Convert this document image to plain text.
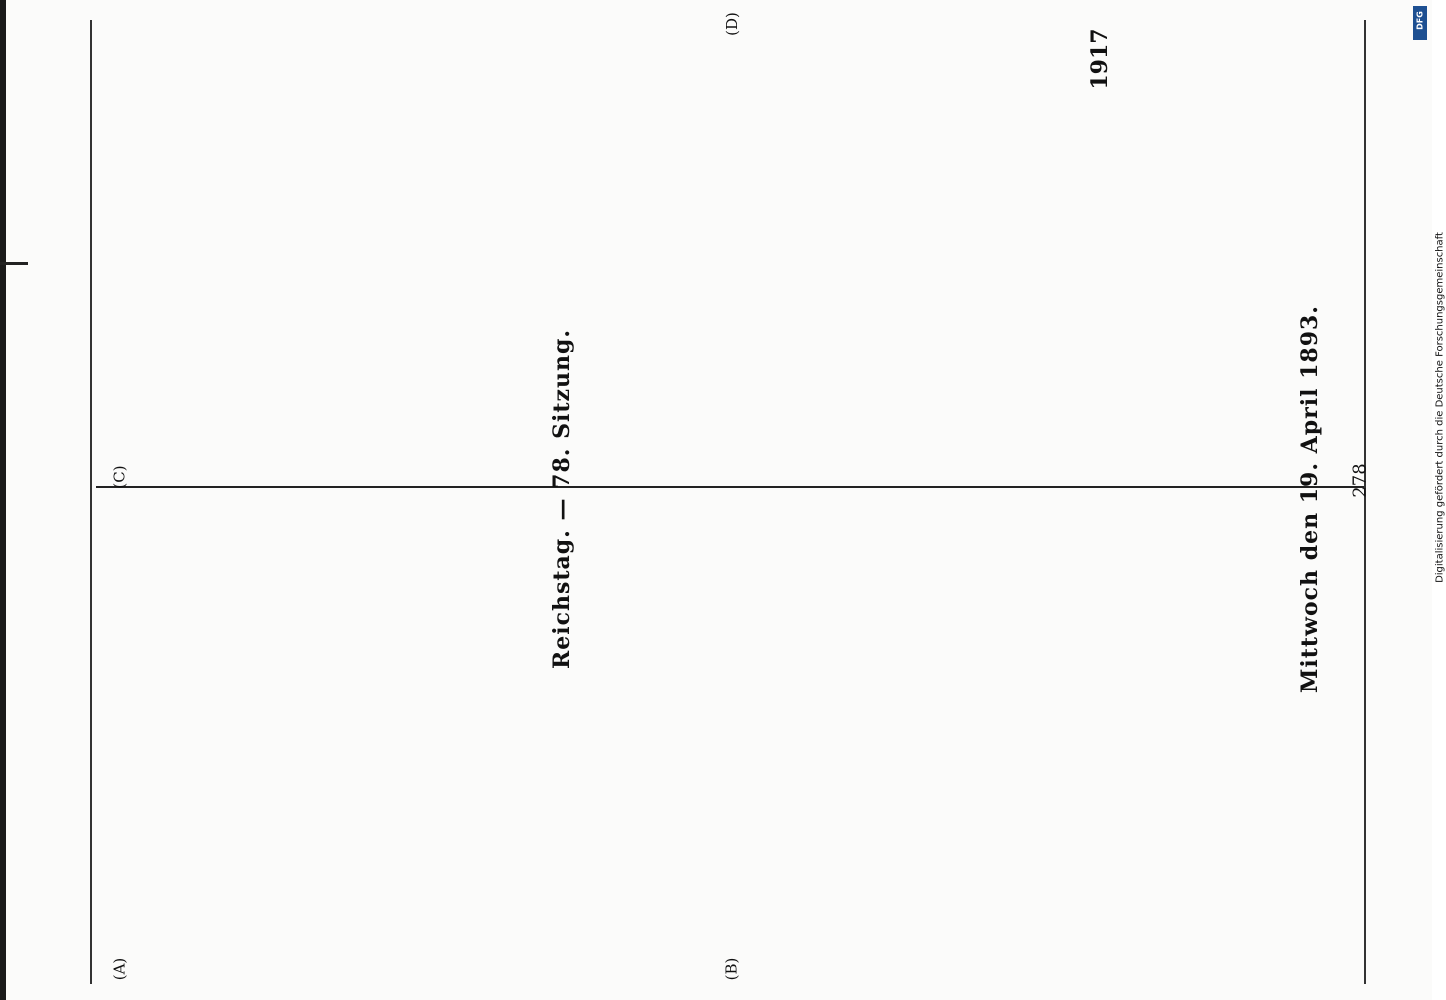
Reichstag. — 78. Sitzung.	Mittwoch den 19. April 1893.
1917
278	Digitalisierung gefördert durch die Deutsche Forschungsgemeinschaft
DFG
(A)	(B)
(C)
(D)
